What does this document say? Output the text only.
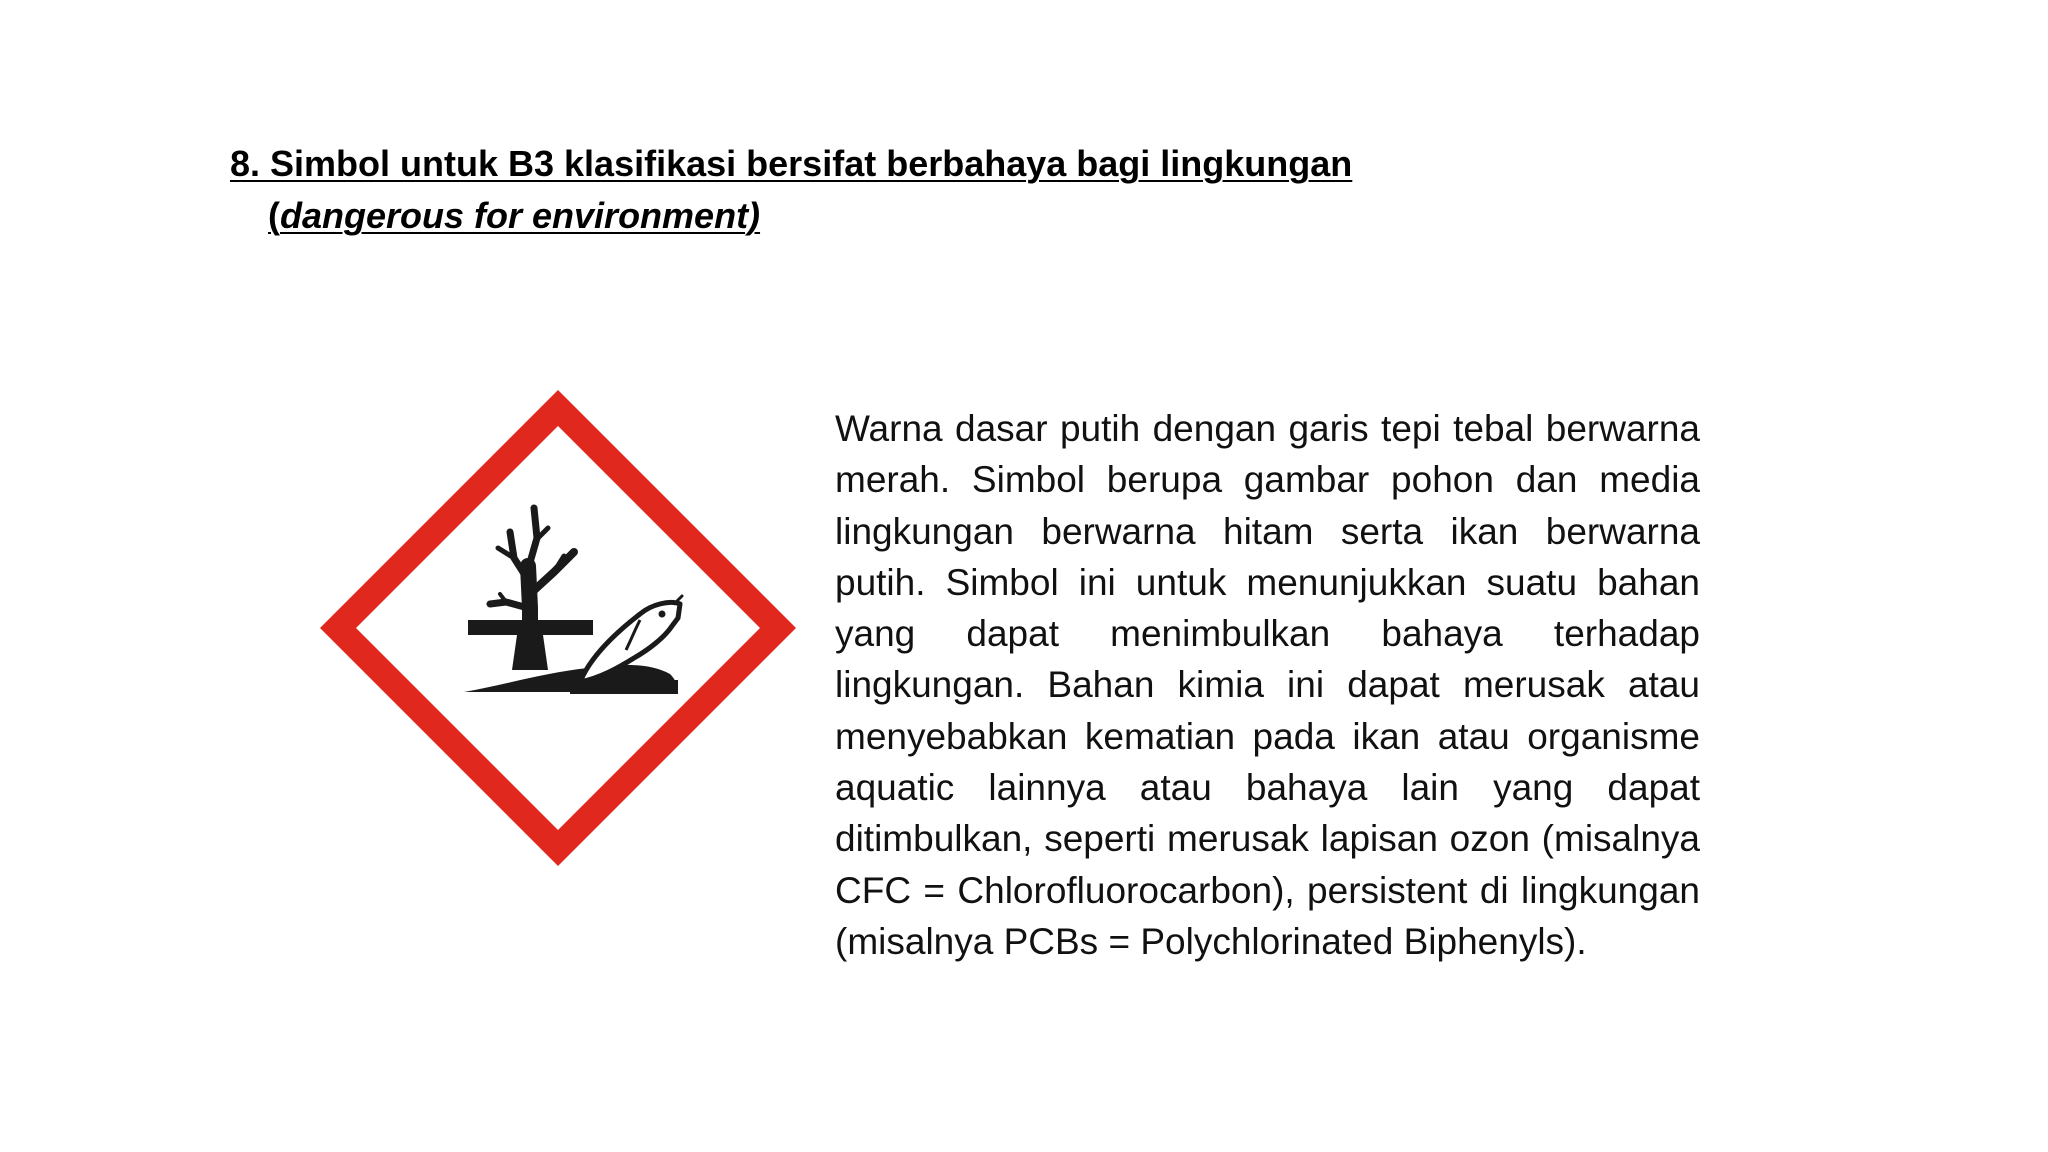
8. Simbol untuk B3 klasifikasi bersifat berbahaya bagi lingkungan
(dangerous for environment)

Warna dasar putih dengan garis tepi tebal berwarna merah. Simbol berupa gambar pohon dan media lingkungan berwarna hitam serta ikan berwarna putih. Simbol ini untuk menunjukkan suatu bahan yang dapat menimbulkan bahaya terhadap lingkungan. Bahan kimia ini dapat merusak atau menyebabkan kematian pada ikan atau organisme aquatic lainnya atau bahaya lain yang dapat ditimbulkan, seperti merusak lapisan ozon (misalnya CFC = Chlorofluorocarbon), persistent di lingkungan (misalnya PCBs = Polychlorinated Biphenyls).
